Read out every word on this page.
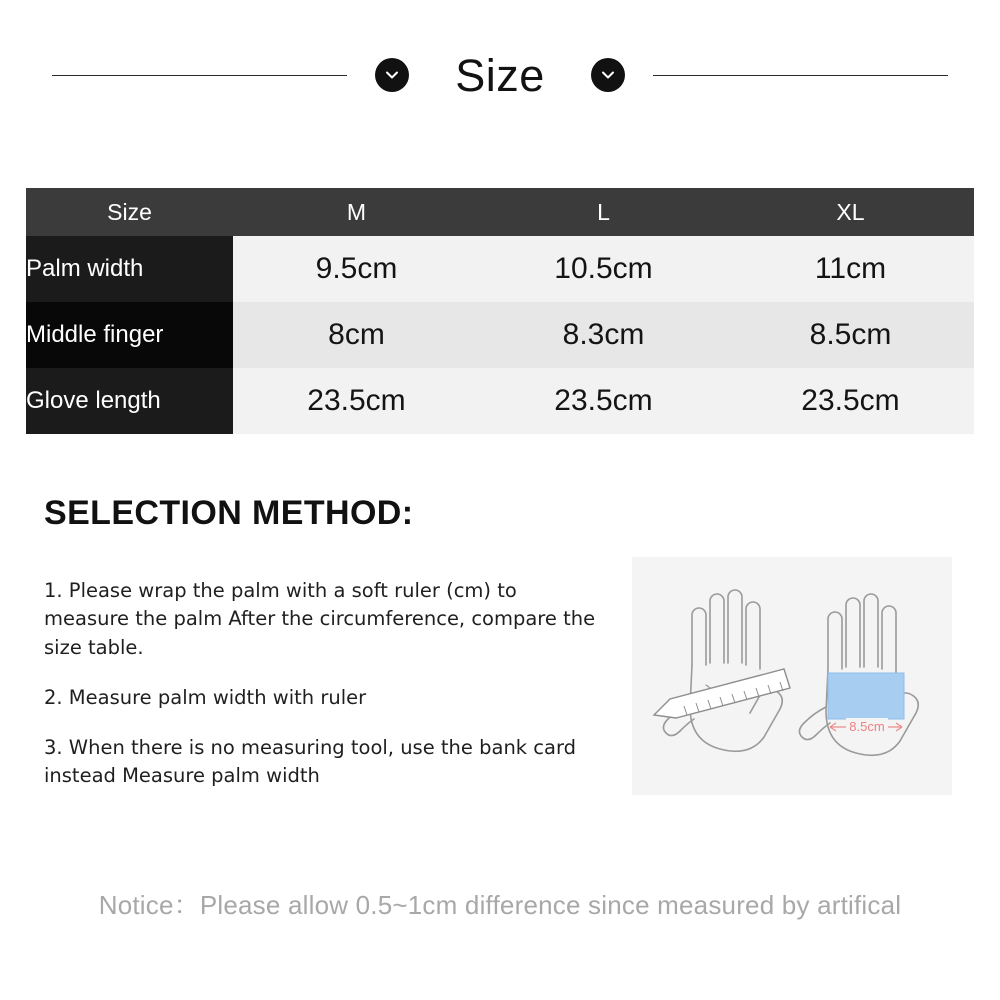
Size
Size	M	L	XL
Palm width	9.5cm	10.5cm	11cm
Middle finger	8cm	8.3cm	8.5cm
Glove length	23.5cm	23.5cm	23.5cm
SELECTION METHOD:
1. Please wrap the palm with a soft ruler (cm) to measure the palm After the circumference, compare the size table.
2. Measure palm width with ruler
3. When there is no measuring tool, use the bank card instead Measure palm width
8.5cm
Notice：Please allow 0.5~1cm difference since measured by artifical
